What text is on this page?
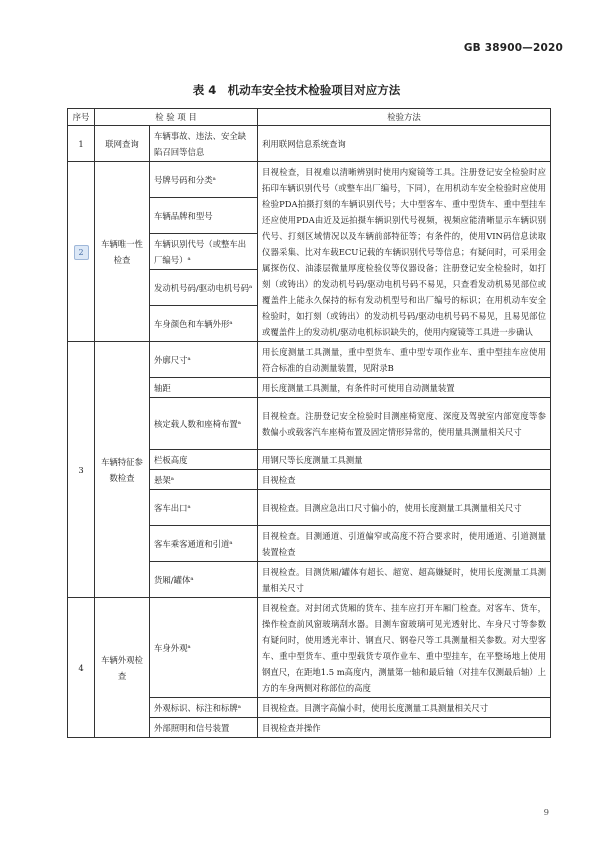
GB 38900—2020
表 4　机动车安全技术检验项目对应方法
序号	检 验 项 目		检验方法
1	联网查询	车辆事故、违法、安全缺陷召回等信息	利用联网信息系统查询
2	车辆唯一性检查	号牌号码和分类ᵃ	目视检查，目视难以清晰辨别时使用内窥镜等工具。注册登记安全检验时应拓印车辆识别代号（或整车出厂编号，下同），在用机动车安全检验时应使用检验PDA拍摄打刻的车辆识别代号；大中型客车、重中型货车、重中型挂车还应使用PDA由近及远拍摄车辆识别代号视频，视频应能清晰显示车辆识别代号、打刻区域情况以及车辆前部特征等；有条件的，使用VIN码信息读取仪器采集、比对车载ECU记载的车辆识别代号等信息；有疑问时，可采用金属探伤仪、油漆层微量厚度检验仪等仪器设备；注册登记安全检验时，如打刻（或铸出）的发动机号码/驱动电机号码不易见，只查看发动机易见部位或覆盖件上能永久保持的标有发动机型号和出厂编号的标识；在用机动车安全检验时，如打刻（或铸出）的发动机号码/驱动电机号码不易见，且易见部位或覆盖件上的发动机/驱动电机标识缺失的，使用内窥镜等工具进一步确认
		车辆品牌和型号	
		车辆识别代号（或整车出厂编号）ᵃ	
		发动机号码/驱动电机号码ᵃ	
		车身颜色和车辆外形ᵃ	
3	车辆特征参数检查	外廓尺寸ᵃ	用长度测量工具测量，重中型货车、重中型专项作业车、重中型挂车应使用符合标准的自动测量装置，见附录B
		轴距	用长度测量工具测量，有条件时可使用自动测量装置
		核定载人数和座椅布置ᵃ	目视检查。注册登记安全检验时目测座椅宽度、深度及驾驶室内部宽度等参数偏小或载客汽车座椅布置及固定情形异常的，使用量具测量相关尺寸
		栏板高度	用钢尺等长度测量工具测量
		悬架ᵃ	目视检查
		客车出口ᵃ	目视检查。目测应急出口尺寸偏小的，使用长度测量工具测量相关尺寸
		客车乘客通道和引道ᵃ	目视检查。目测通道、引道偏窄或高度不符合要求时，使用通道、引道测量装置检查
		货厢/罐体ᵃ	目视检查。目测货厢/罐体有超长、超宽、超高嫌疑时，使用长度测量工具测量相关尺寸
4	车辆外观检查	车身外观ᵃ	目视检查。对封闭式货厢的货车、挂车应打开车厢门检查。对客车、货车，操作检查前风窗玻璃刮水器。目测车窗玻璃可见光透射比、车身尺寸等参数有疑问时，使用透光率计、钢直尺、钢卷尺等工具测量相关参数。对大型客车、重中型货车、重中型载货专项作业车、重中型挂车，在平整场地上使用钢直尺，在距地1.5 m高度内，测量第一轴和最后轴（对挂车仅测最后轴）上方的车身两侧对称部位的高度
		外观标识、标注和标牌ᵃ	目视检查。目测字高偏小时，使用长度测量工具测量相关尺寸
		外部照明和信号装置	目视检查并操作
9
